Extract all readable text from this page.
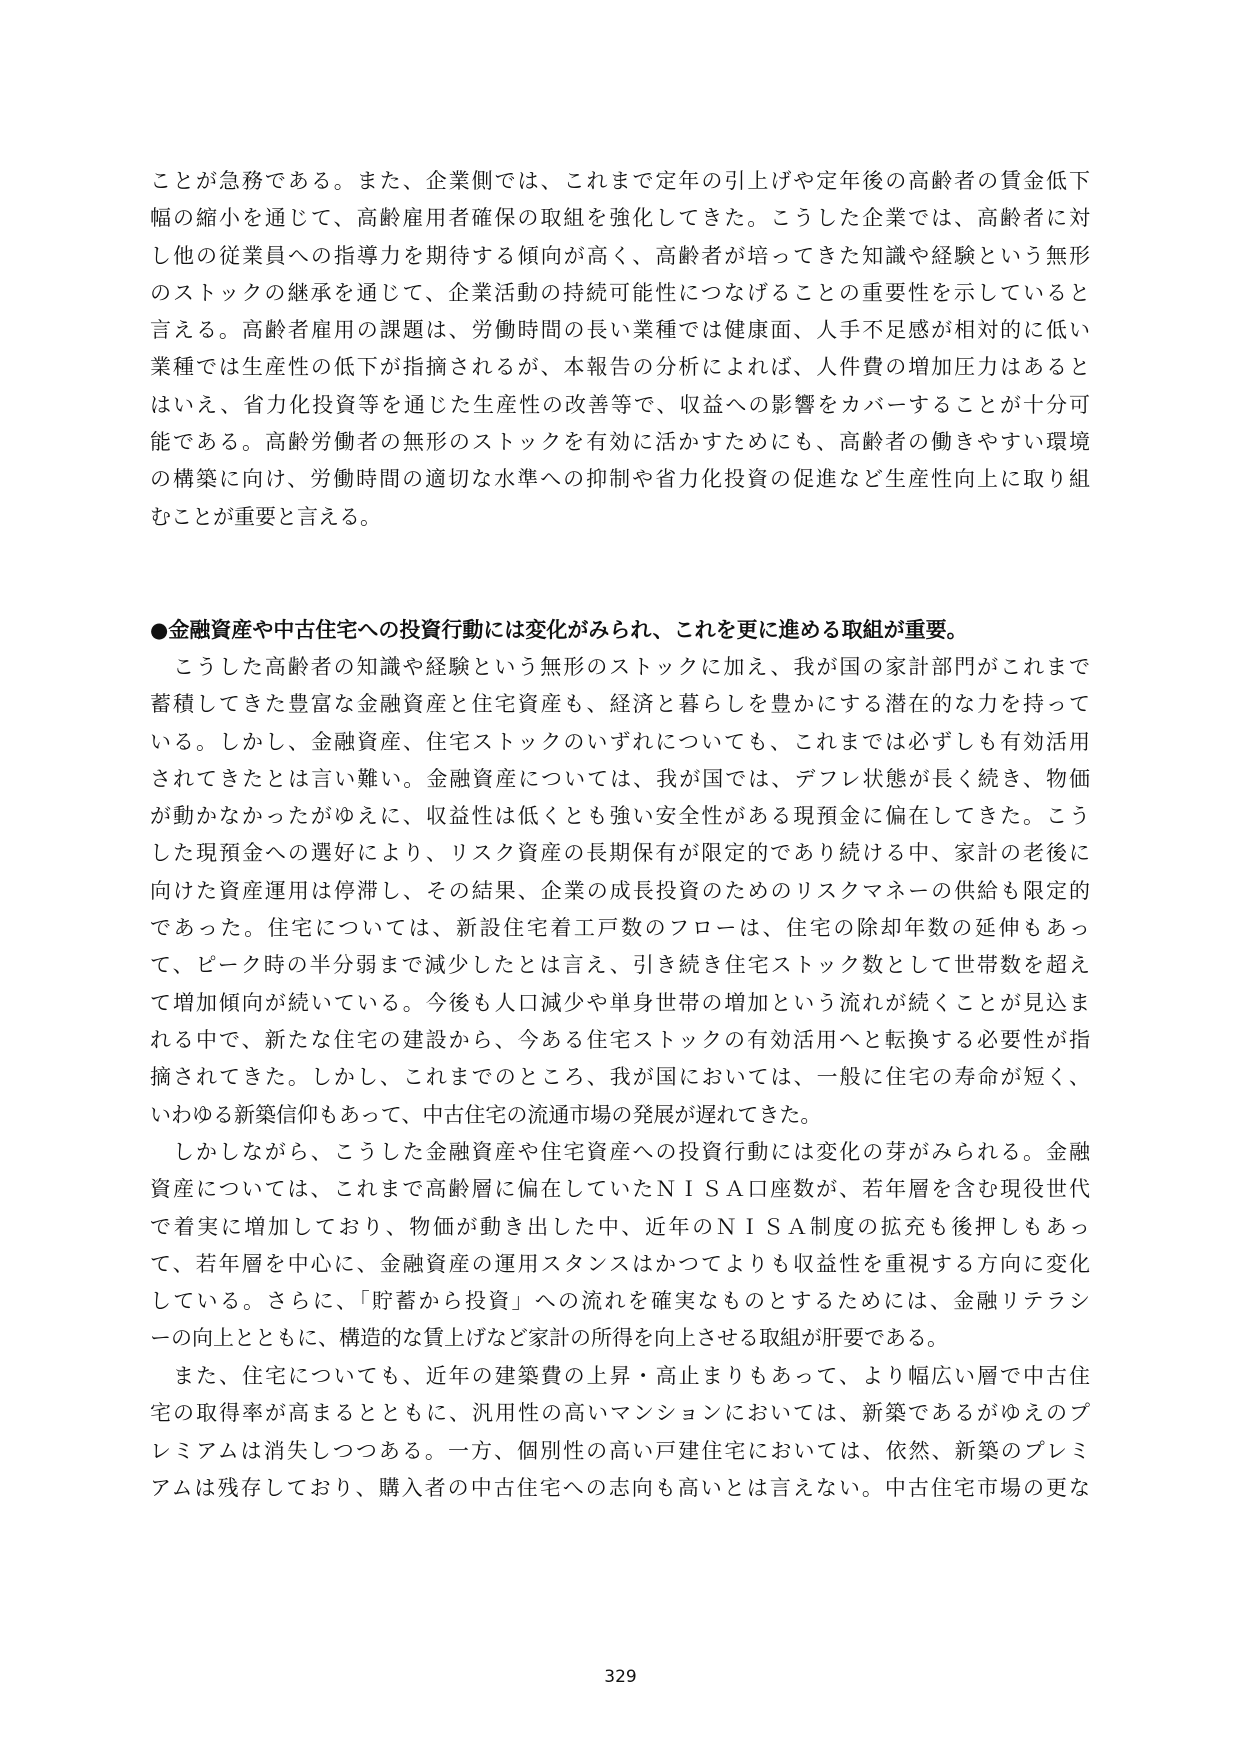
ことが急務である。また、企業側では、これまで定年の引上げや定年後の高齢者の賃金低下
幅の縮小を通じて、高齢雇用者確保の取組を強化してきた。こうした企業では、高齢者に対
し他の従業員への指導力を期待する傾向が高く、高齢者が培ってきた知識や経験という無形
のストックの継承を通じて、企業活動の持続可能性につなげることの重要性を示していると
言える。高齢者雇用の課題は、労働時間の長い業種では健康面、人手不足感が相対的に低い
業種では生産性の低下が指摘されるが、本報告の分析によれば、人件費の増加圧力はあると
はいえ、省力化投資等を通じた生産性の改善等で、収益への影響をカバーすることが十分可
能である。高齢労働者の無形のストックを有効に活かすためにも、高齢者の働きやすい環境
の構築に向け、労働時間の適切な水準への抑制や省力化投資の促進など生産性向上に取り組
むことが重要と言える。

●金融資産や中古住宅への投資行動には変化がみられ、これを更に進める取組が重要。

　こうした高齢者の知識や経験という無形のストックに加え、我が国の家計部門がこれまで
蓄積してきた豊富な金融資産と住宅資産も、経済と暮らしを豊かにする潜在的な力を持って
いる。しかし、金融資産、住宅ストックのいずれについても、これまでは必ずしも有効活用
されてきたとは言い難い。金融資産については、我が国では、デフレ状態が長く続き、物価
が動かなかったがゆえに、収益性は低くとも強い安全性がある現預金に偏在してきた。こう
した現預金への選好により、リスク資産の長期保有が限定的であり続ける中、家計の老後に
向けた資産運用は停滞し、その結果、企業の成長投資のためのリスクマネーの供給も限定的
であった。住宅については、新設住宅着工戸数のフローは、住宅の除却年数の延伸もあっ
て、ピーク時の半分弱まで減少したとは言え、引き続き住宅ストック数として世帯数を超え
て増加傾向が続いている。今後も人口減少や単身世帯の増加という流れが続くことが見込ま
れる中で、新たな住宅の建設から、今ある住宅ストックの有効活用へと転換する必要性が指
摘されてきた。しかし、これまでのところ、我が国においては、一般に住宅の寿命が短く、
いわゆる新築信仰もあって、中古住宅の流通市場の発展が遅れてきた。
　しかしながら、こうした金融資産や住宅資産への投資行動には変化の芽がみられる。金融
資産については、これまで高齢層に偏在していたＮＩＳＡ口座数が、若年層を含む現役世代
で着実に増加しており、物価が動き出した中、近年のＮＩＳＡ制度の拡充も後押しもあっ
て、若年層を中心に、金融資産の運用スタンスはかつてよりも収益性を重視する方向に変化
している。さらに、「貯蓄から投資」への流れを確実なものとするためには、金融リテラシ
ーの向上とともに、構造的な賃上げなど家計の所得を向上させる取組が肝要である。
　また、住宅についても、近年の建築費の上昇・高止まりもあって、より幅広い層で中古住
宅の取得率が高まるとともに、汎用性の高いマンションにおいては、新築であるがゆえのプ
レミアムは消失しつつある。一方、個別性の高い戸建住宅においては、依然、新築のプレミ
アムは残存しており、購入者の中古住宅への志向も高いとは言えない。中古住宅市場の更な

329
